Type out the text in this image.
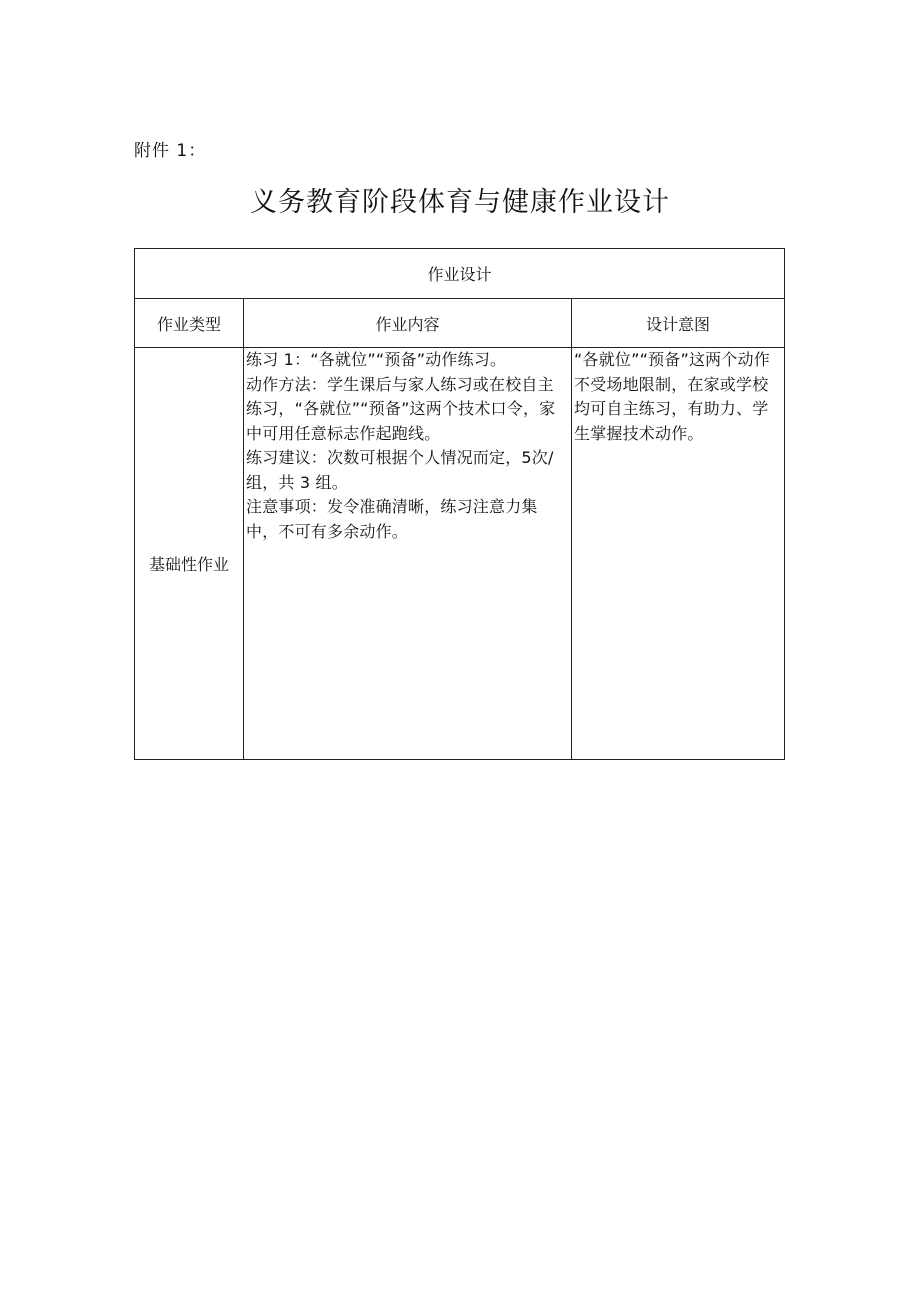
附件 1：
义务教育阶段体育与健康作业设计
作业设计		
作业类型	作业内容	设计意图
基础性作业	练习 1：“各就位”“预备”动作练习。
动作方法：学生课后与家人练习或在校自主练习，“各就位”“预备”这两个技术口令，家中可用任意标志作起跑线。
练习建议：次数可根据个人情况而定，5次/组，共 3 组。
注意事项：发令准确清晰，练习注意力集中，不可有多余动作。	“各就位”“预备”这两个动作不受场地限制，在家或学校均可自主练习，有助力、学生掌握技术动作。
